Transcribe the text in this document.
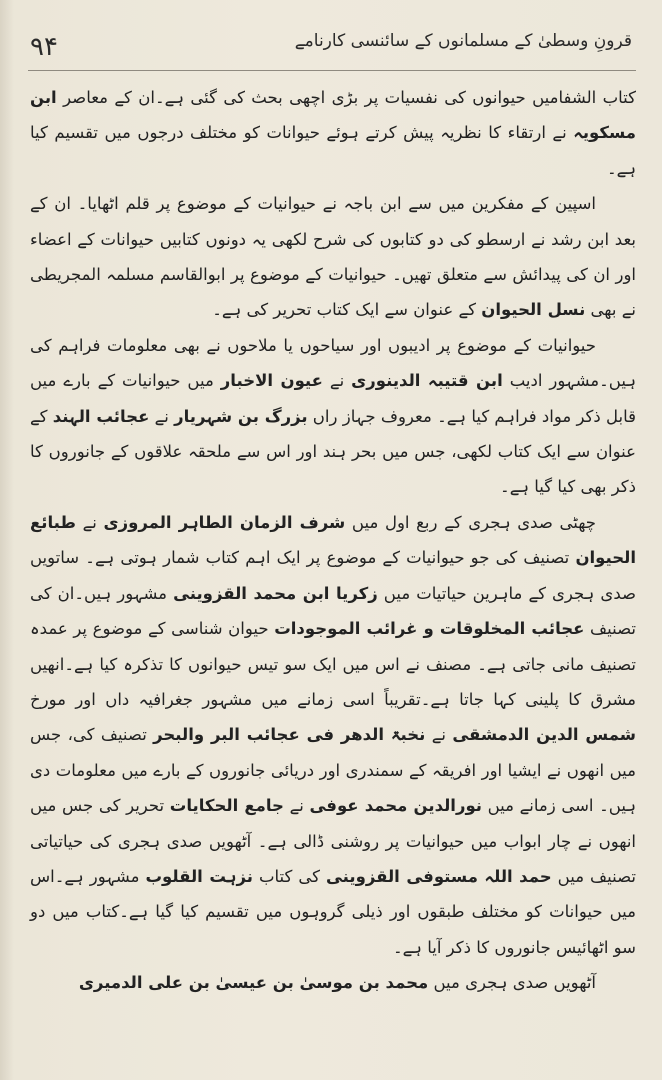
۹۴	قرونِ وسطیٰ کے مسلمانوں کے سائنسی کارنامے

کتاب الشفامیں حیوانوں کی نفسیات پر بڑی اچھی بحث کی گئی ہے۔ان کے معاصر ابن مسکویہ نے ارتقاء کا نظریہ پیش کرتے ہوئے حیوانات کو مختلف درجوں میں تقسیم کیا ہے۔

اسپین کے مفکرین میں سے ابن باجہ نے حیوانیات کے موضوع پر قلم اٹھایا۔ ان کے بعد ابن رشد نے ارسطو کی دو کتابوں کی شرح لکھی یہ دونوں کتابیں حیوانات کے اعضاء اور ان کی پیدائش سے متعلق تھیں۔ حیوانیات کے موضوع پر ابوالقاسم مسلمہ المجریطی نے بھی نسل الحیوان کے عنوان سے ایک کتاب تحریر کی ہے۔

حیوانیات کے موضوع پر ادیبوں اور سیاحوں یا ملاحوں نے بھی معلومات فراہم کی ہیں۔مشہور ادیب ابن قتیبہ الدینوری نے عیون الاخبار میں حیوانیات کے بارے میں قابل ذکر مواد فراہم کیا ہے۔ معروف جہاز راں بزرگ بن شہریار نے عجائب الہند کے عنوان سے ایک کتاب لکھی، جس میں بحر ہند اور اس سے ملحقہ علاقوں کے جانوروں کا ذکر بھی کیا گیا ہے۔

چھٹی صدی ہجری کے ربع اول میں شرف الزمان الطاہر المروزی نے طبائع الحیوان تصنیف کی جو حیوانیات کے موضوع پر ایک اہم کتاب شمار ہوتی ہے۔ ساتویں صدی ہجری کے ماہرین حیاتیات میں زکریا ابن محمد القزوینی مشہور ہیں۔ان کی تصنیف عجائب المخلوقات و غرائب الموجودات حیوان شناسی کے موضوع پر عمدہ تصنیف مانی جاتی ہے۔ مصنف نے اس میں ایک سو تیس حیوانوں کا تذکرہ کیا ہے۔انھیں مشرق کا پلینی کہا جاتا ہے۔تقریباً اسی زمانے میں مشہور جغرافیہ داں اور مورخ شمس الدین الدمشقی نے نخبۃ الدھر فی عجائب البر والبحر تصنیف کی، جس میں انھوں نے ایشیا اور افریقہ کے سمندری اور دریائی جانوروں کے بارے میں معلومات دی ہیں۔ اسی زمانے میں نورالدین محمد عوفی نے جامع الحکایات تحریر کی جس میں انھوں نے چار ابواب میں حیوانیات پر روشنی ڈالی ہے۔ آٹھویں صدی ہجری کی حیاتیاتی تصنیف میں حمد اللہ مستوفی القزوینی کی کتاب نزہت القلوب مشہور ہے۔اس میں حیوانات کو مختلف طبقوں اور ذیلی گروہوں میں تقسیم کیا گیا ہے۔کتاب میں دو سو اٹھائیس جانوروں کا ذکر آیا ہے۔

آٹھویں صدی ہجری میں محمد بن موسیٰ بن عیسیٰ بن علی الدمیری
